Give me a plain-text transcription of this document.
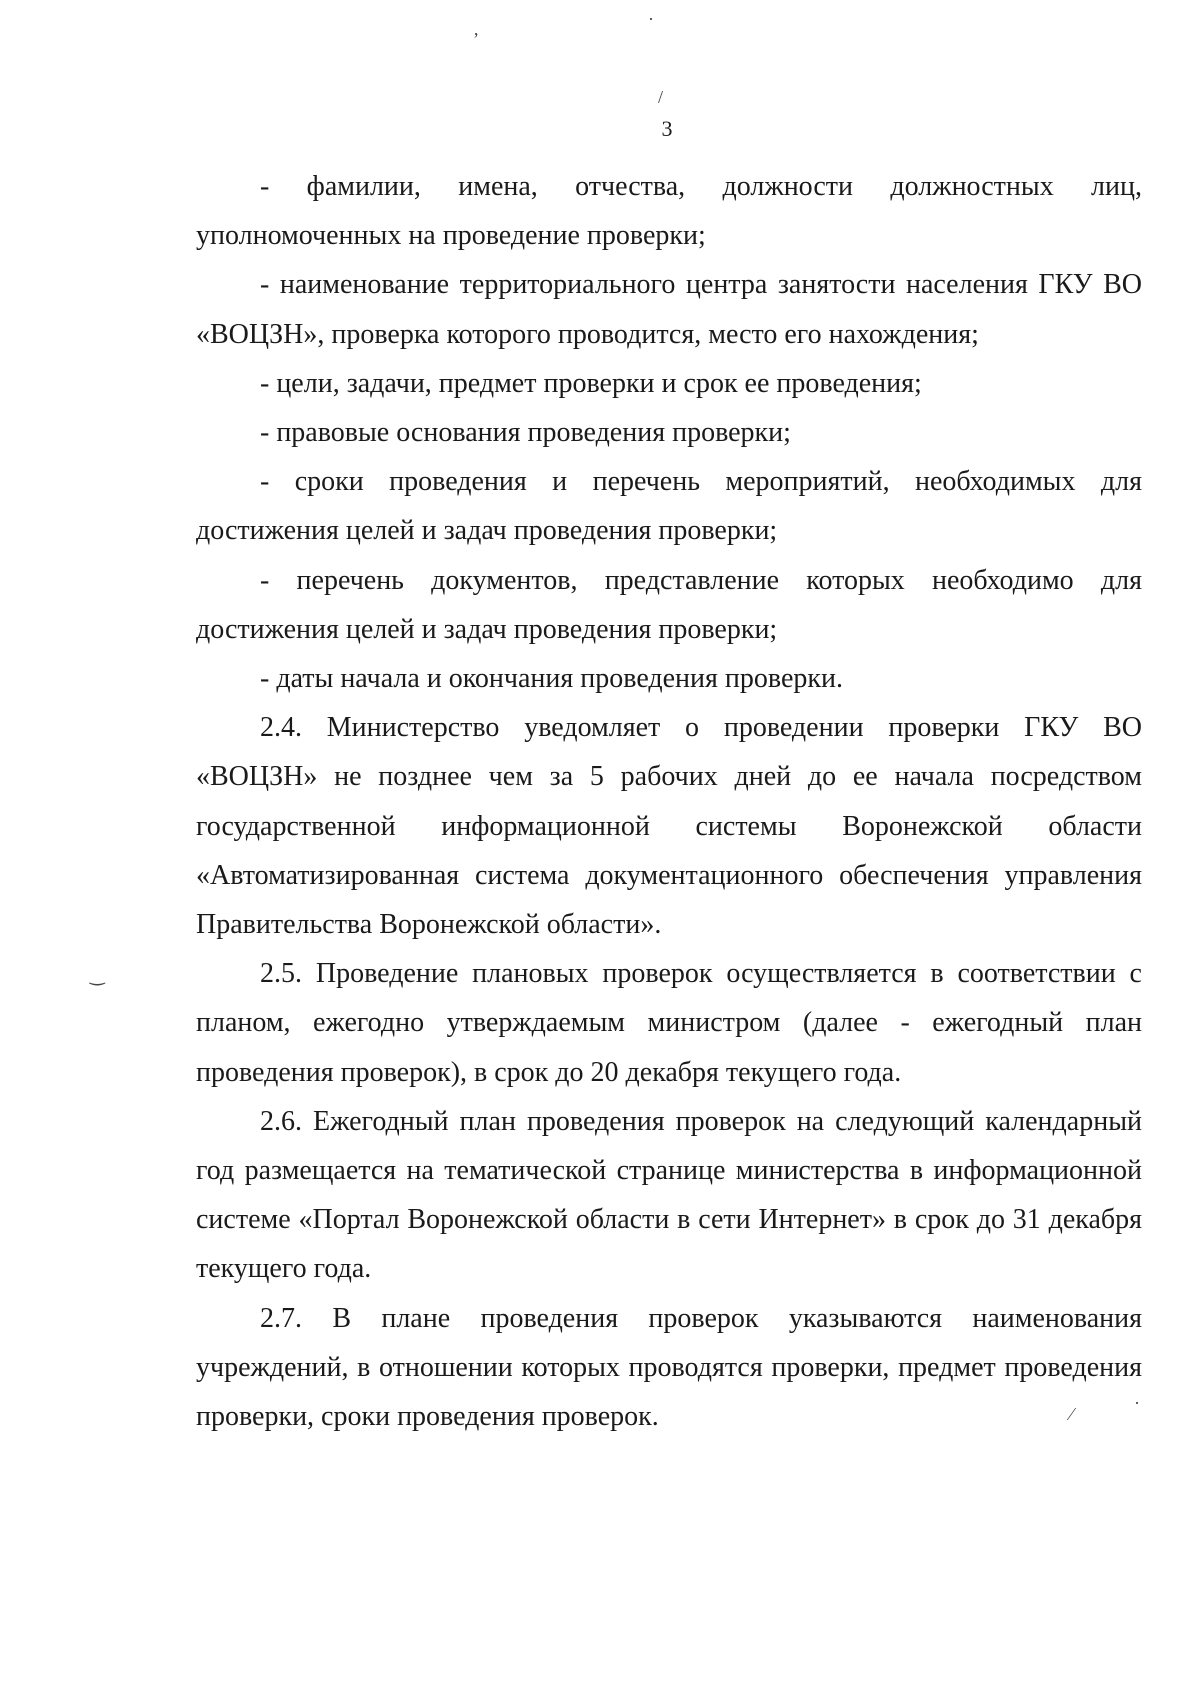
’
·
/
‿
·
⁄
3

- фамилии, имена, отчества, должности должностных лиц, уполномоченных на проведение проверки;

- наименование территориального центра занятости населения ГКУ ВО «ВОЦЗН», проверка которого проводится, место его нахождения;

- цели, задачи, предмет проверки и срок ее проведения;

- правовые основания проведения проверки;

- сроки проведения и перечень мероприятий, необходимых для достижения целей и задач проведения проверки;

- перечень документов, представление которых необходимо для достижения целей и задач проведения проверки;

- даты начала и окончания проведения проверки.

2.4. Министерство уведомляет о проведении проверки ГКУ ВО «ВОЦЗН» не позднее чем за 5 рабочих дней до ее начала посредством государственной информационной системы Воронежской области «Автоматизированная система документационного обеспечения управления Правительства Воронежской области».

2.5. Проведение плановых проверок осуществляется в соответствии с планом, ежегодно утверждаемым министром (далее - ежегодный план проведения проверок), в срок до 20 декабря текущего года.

2.6. Ежегодный план проведения проверок на следующий календарный год размещается на тематической странице министерства в информационной системе «Портал Воронежской области в сети Интернет» в срок до 31 декабря текущего года.

2.7. В плане проведения проверок указываются наименования учреждений, в отношении которых проводятся проверки, предмет проведения проверки, сроки проведения проверок.
